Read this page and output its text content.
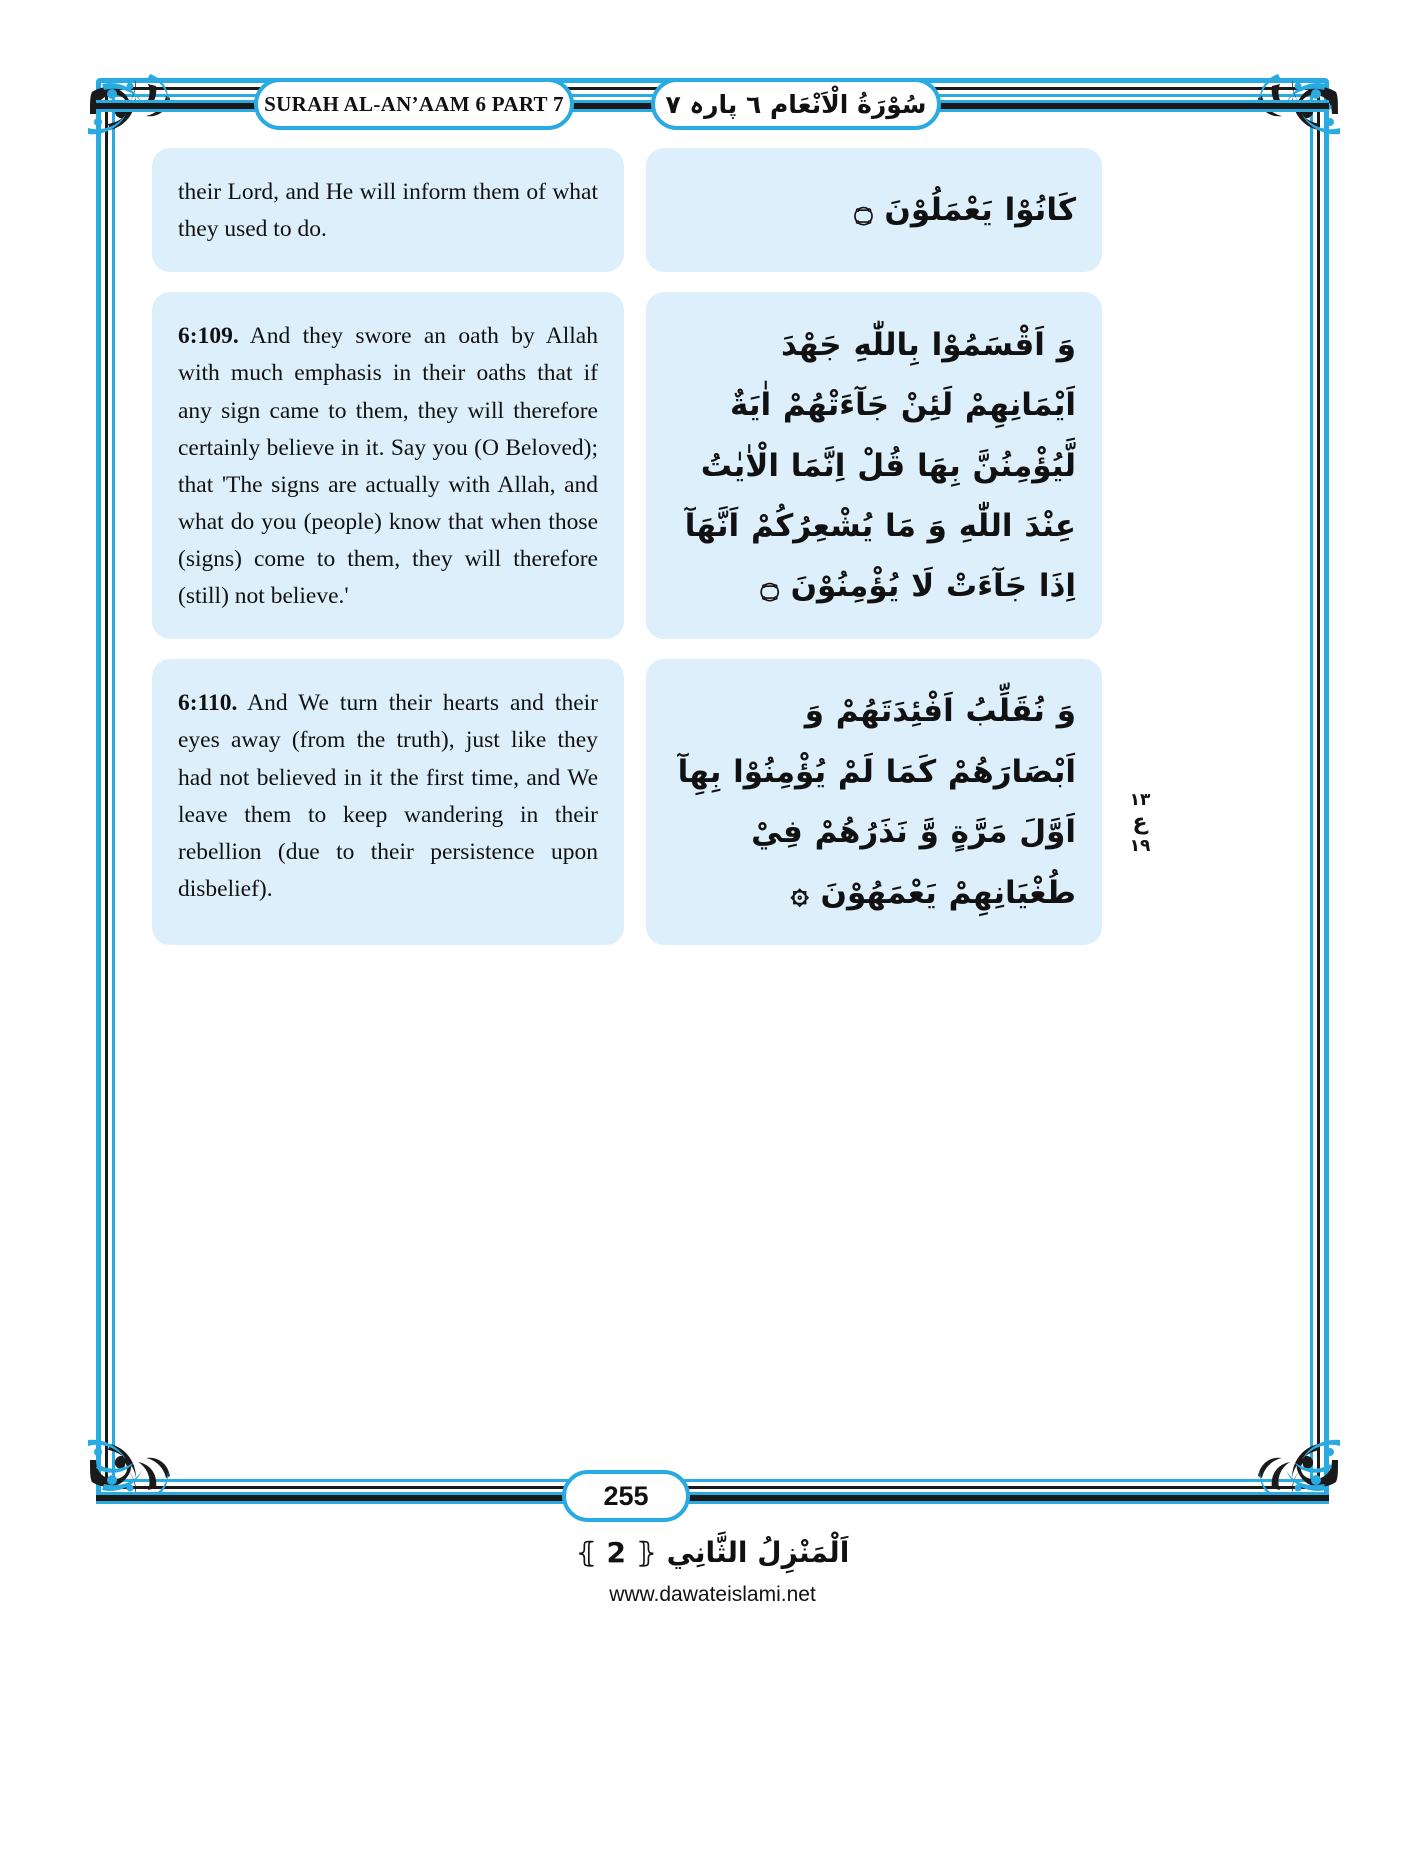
SURAH AL-AN’AAM 6 PART 7	سُوْرَةُ الْاَنْعَام ٦ پارہ ٧
their Lord, and He will inform them of what they used to do.
كَانُوْا يَعْمَلُوْنَ ۝
6:109. And they swore an oath by Allah with much emphasis in their oaths that if any sign came to them, they will therefore certainly believe in it. Say you (O Beloved); that 'The signs are actually with Allah, and what do you (people) know that when those (signs) come to them, they will therefore (still) not believe.'
وَ اَقْسَمُوْا بِاللّٰهِ جَهْدَ اَيْمَانِهِمْ لَئِنْ جَآءَتْهُمْ اٰيَةٌ لَّيُؤْمِنُنَّ بِهَا قُلْ اِنَّمَا الْاٰيٰتُ عِنْدَ اللّٰهِ وَ مَا يُشْعِرُكُمْ اَنَّهَآ اِذَا جَآءَتْ لَا يُؤْمِنُوْنَ ۝
6:110. And We turn their hearts and their eyes away (from the truth), just like they had not believed in it the first time, and We leave them to keep wandering in their rebellion (due to their persistence upon disbelief).
وَ نُقَلِّبُ اَفْئِدَتَهُمْ وَ اَبْصَارَهُمْ كَمَا لَمْ يُؤْمِنُوْا بِهِآ اَوَّلَ مَرَّةٍ وَّ نَذَرُهُمْ فِيْ طُغْيَانِهِمْ يَعْمَهُوْنَ ۞
١٣
ع
١٩
255
اَلْمَنْزِلُ الثَّانِي ⦃ 2 ⦄
www.dawateislami.net
